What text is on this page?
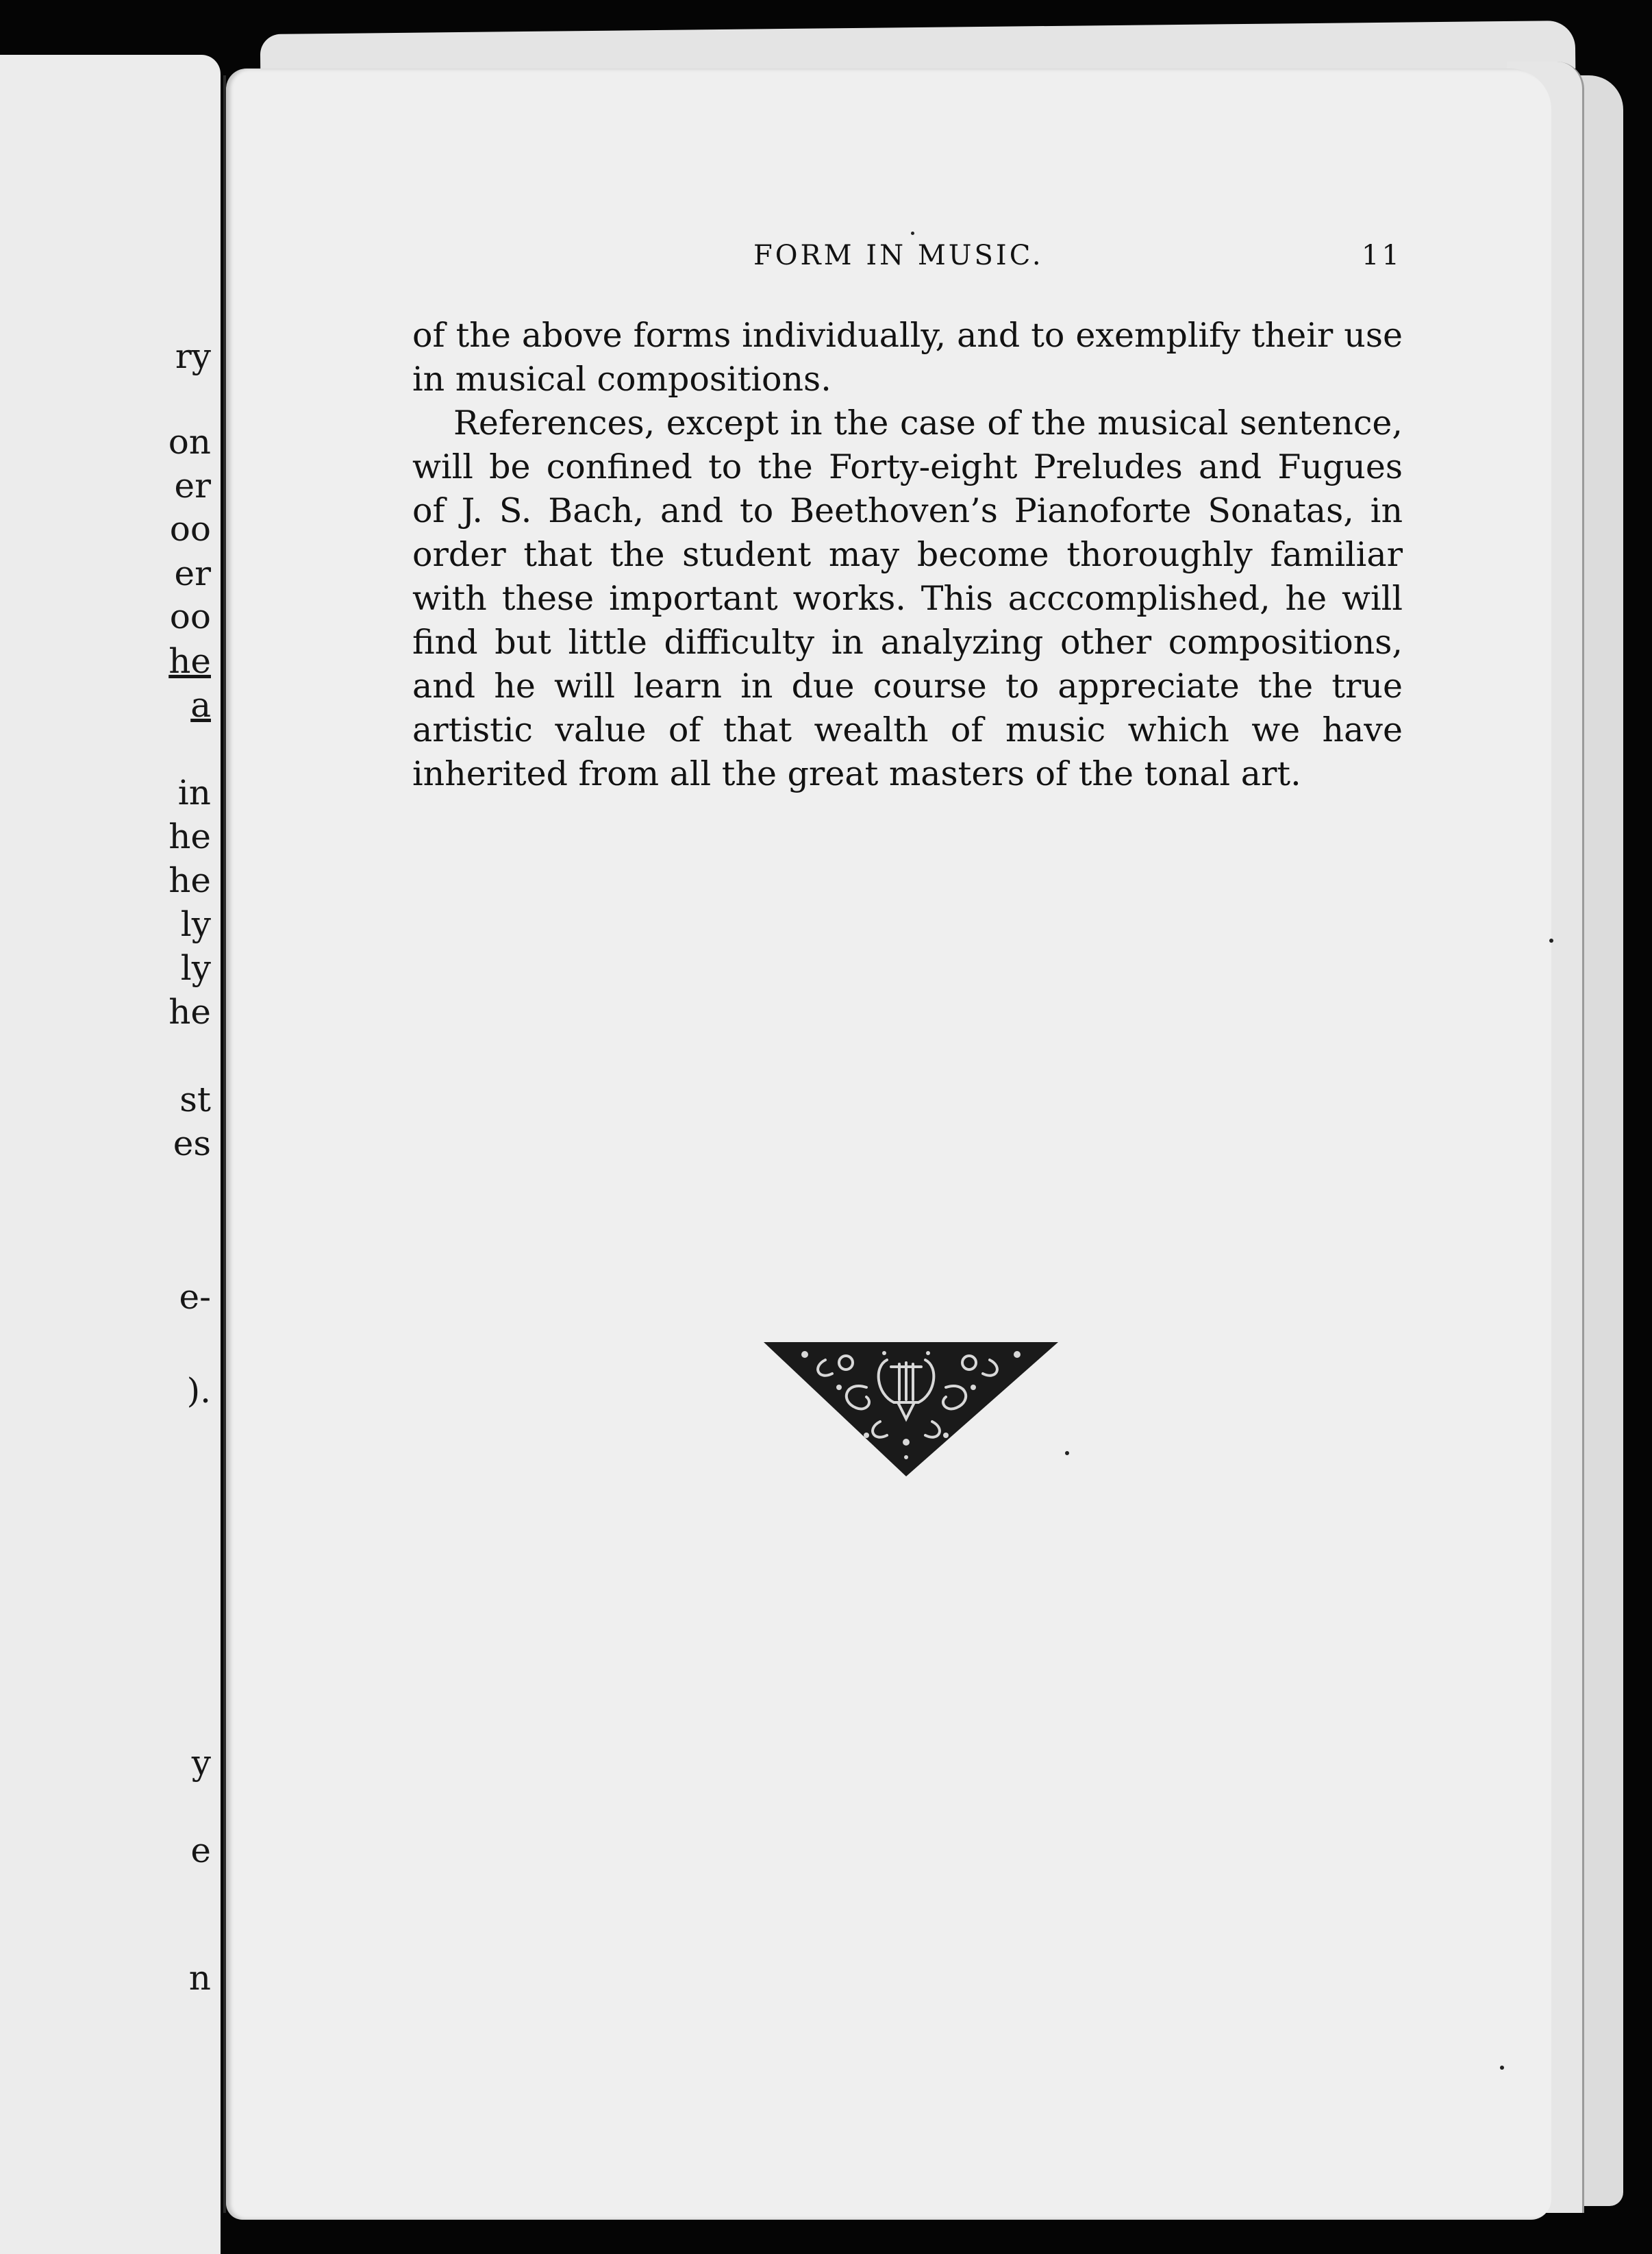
ry
on
er
oo
er
oo
he
a
in
he
he
ly
ly
he
st
es
e-
).
y
e
n
FORM IN MUSIC.	11

of the above forms individually, and to exemplify their use in musical compositions.

References, except in the case of the musical sentence, will be confined to the Forty-eight Preludes and Fugues of J. S. Bach, and to Beethoven’s Pianoforte Sonatas, in order that the student may become thoroughly familiar with these important works. This acccomplished, he will find but little difficulty in analyzing other compositions, and he will learn in due course to appreciate the true artistic value of that wealth of music which we have inherited from all the great masters of the tonal art.
